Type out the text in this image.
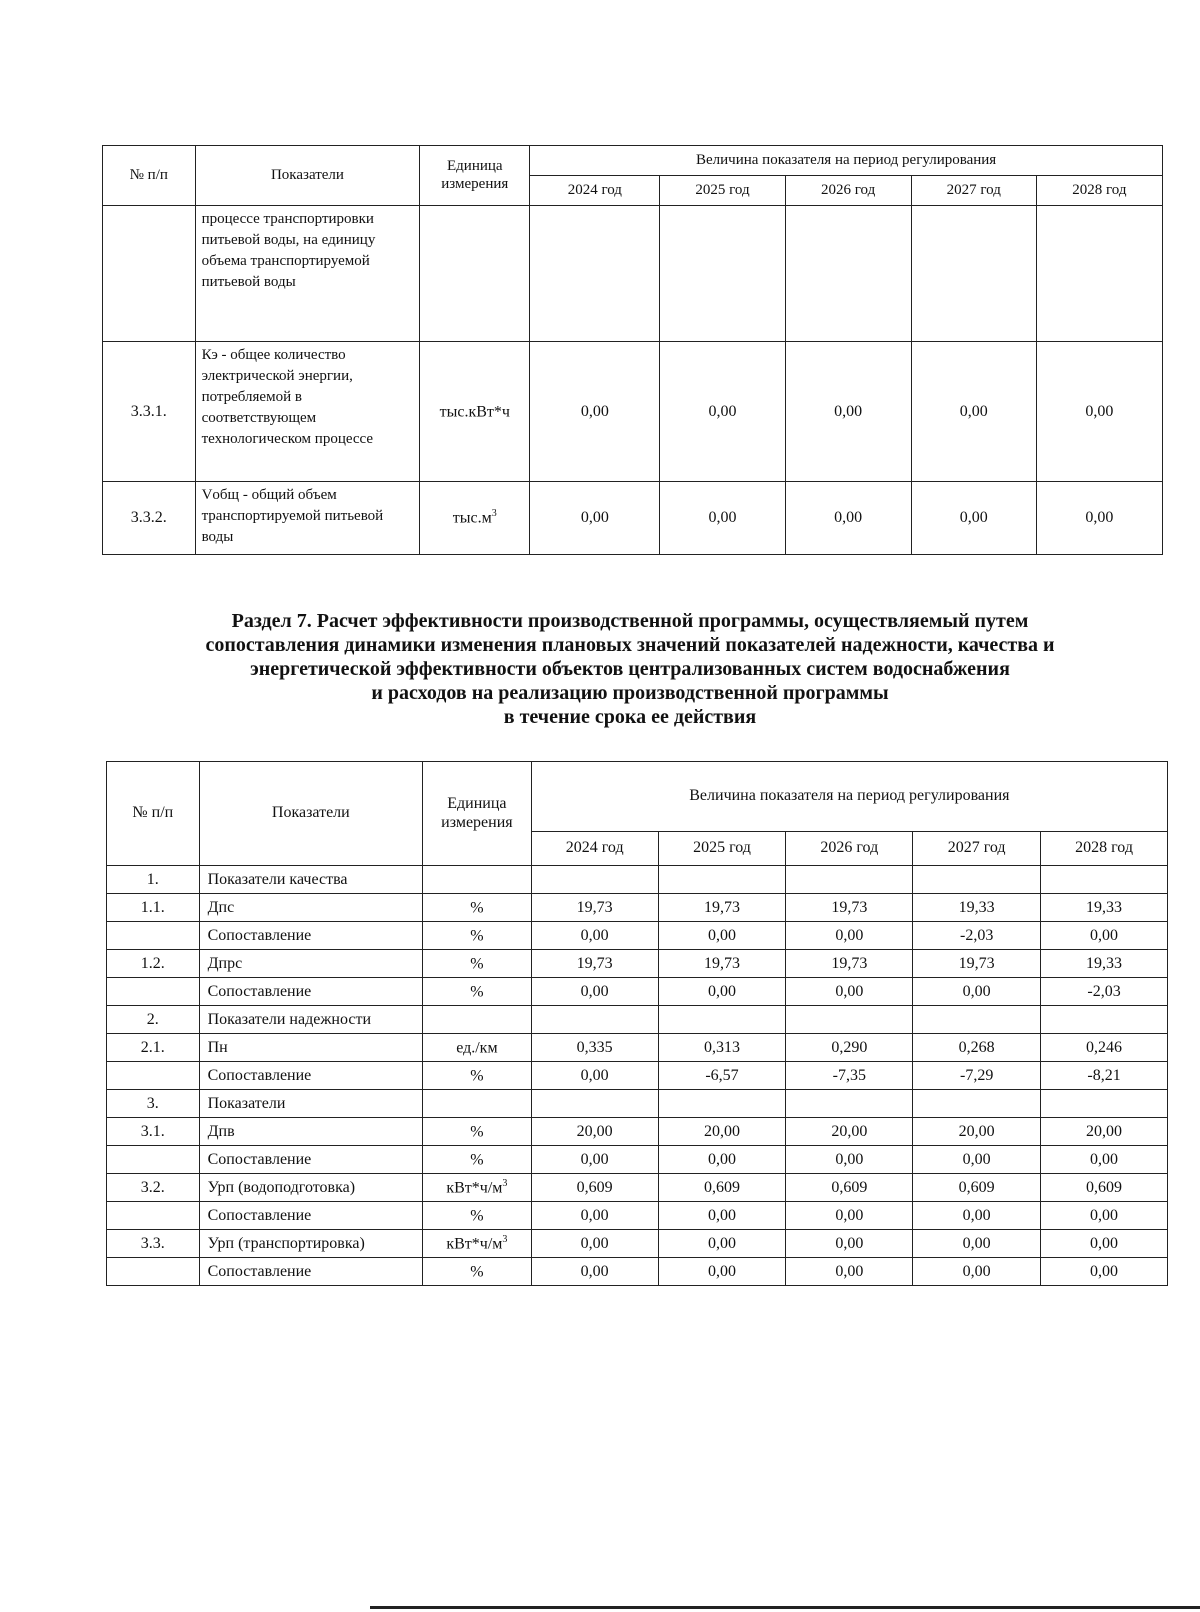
№ п/п	Показатели	Единица измерения	Величина показателя на период регулирования				
			2024 год	2025 год	2026 год	2027 год	2028 год
	процессе транспортировки питьевой воды, на единицу объема транспортируемой питьевой воды						
3.3.1.	Кэ - общее количество электрической энергии, потребляемой в соответствующем технологическом процессе	тыс.кВт*ч	0,00	0,00	0,00	0,00	0,00
3.3.2.	Vобщ - общий объем транспортируемой питьевой воды	$тыс.м^3$	0,00	0,00	0,00	0,00	0,00
Раздел 7. Расчет эффективности производственной программы, осуществляемый путем
сопоставления динамики изменения плановых значений показателей надежности, качества и
энергетической эффективности объектов централизованных систем водоснабжения
и расходов на реализацию производственной программы
в течение срока ее действия
№ п/п	Показатели	Единица измерения	Величина показателя на период регулирования				
			2024 год	2025 год	2026 год	2027 год	2028 год
1.	Показатели качества						
1.1.	Дпс	%	19,73	19,73	19,73	19,33	19,33
	Сопоставление	%	0,00	0,00	0,00	-2,03	0,00
1.2.	Дпрс	%	19,73	19,73	19,73	19,73	19,33
	Сопоставление	%	0,00	0,00	0,00	0,00	-2,03
2.	Показатели надежности						
2.1.	Пн	ед./км	0,335	0,313	0,290	0,268	0,246
	Сопоставление	%	0,00	-6,57	-7,35	-7,29	-8,21
3.	Показатели						
3.1.	Дпв	%	20,00	20,00	20,00	20,00	20,00
	Сопоставление	%	0,00	0,00	0,00	0,00	0,00
3.2.	Урп (водоподготовка)	$кВт*ч/м^3$	0,609	0,609	0,609	0,609	0,609
	Сопоставление	%	0,00	0,00	0,00	0,00	0,00
3.3.	Урп (транспортировка)	$кВт*ч/м^3$	0,00	0,00	0,00	0,00	0,00
	Сопоставление	%	0,00	0,00	0,00	0,00	0,00
